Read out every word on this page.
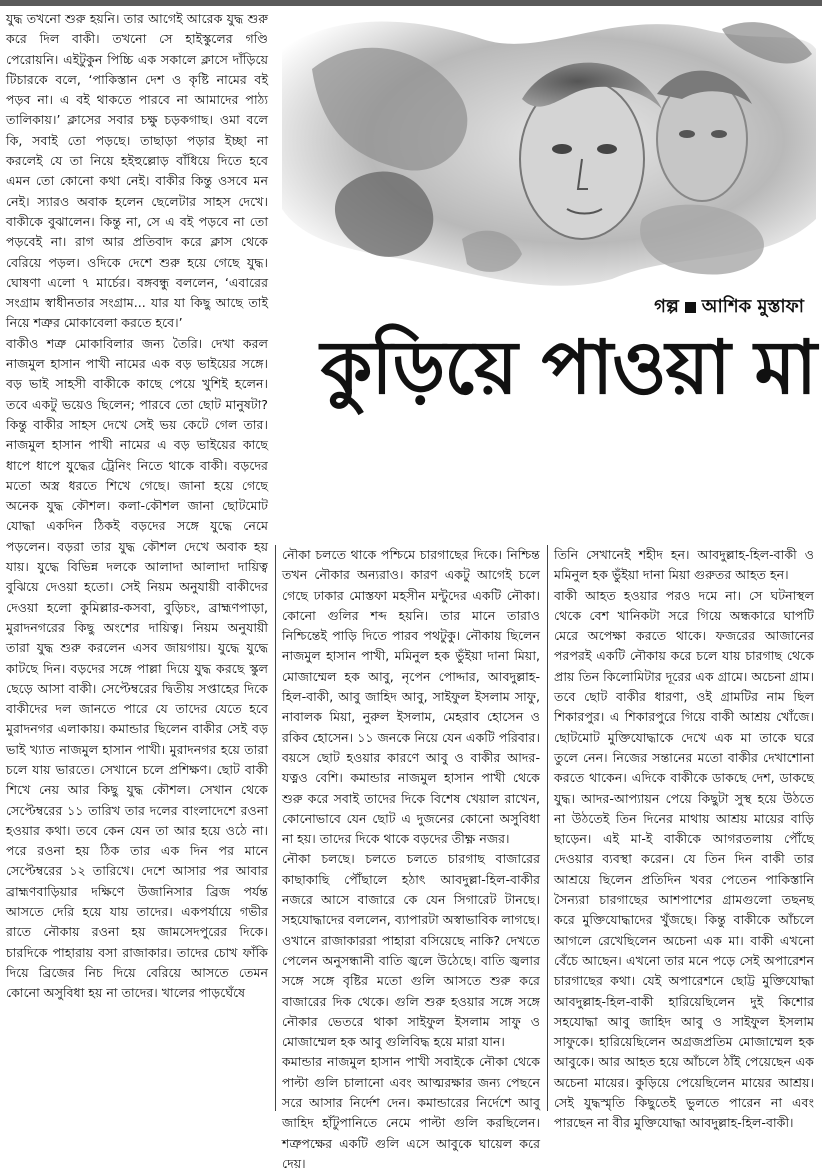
যুদ্ধ তখনো শুরু হয়নি। তার আগেই আরেক যুদ্ধ শুরু করে দিল বাকী। তখনো সে হাইস্কুলের গণ্ডি পেরোয়নি। এইটুকুন পিচ্চি এক সকালে ক্লাসে দাঁড়িয়ে টিচারকে বলে, ‘পাকিস্তান দেশ ও কৃষ্টি নামের বই পড়ব না। এ বই থাকতে পারবে না আমাদের পাঠ্য তালিকায়।’ ক্লাসের সবার চক্ষু চড়কগাছ। ওমা বলে কি, সবাই তো পড়ছে। তাছাড়া পড়ার ইচ্ছা না করলেই যে তা নিয়ে হইহুল্লোড় বাঁধিয়ে দিতে হবে এমন তো কোনো কথা নেই। বাকীর কিন্তু ওসবে মন নেই। স্যারও অবাক হলেন ছেলেটার সাহস দেখে। বাকীকে বুঝালেন। কিন্তু না, সে এ বই পড়বে না তো পড়বেই না। রাগ আর প্রতিবাদ করে ক্লাস থেকে বেরিয়ে পড়ল। ওদিকে দেশে শুরু হয়ে গেছে যুদ্ধ। ঘোষণা এলো ৭ মার্চের। বঙ্গবন্ধু বললেন, ‘এবারের সংগ্রাম স্বাধীনতার সংগ্রাম... যার যা কিছু আছে তাই নিয়ে শত্রুর মোকাবেলা করতে হবে।’

বাকীও শত্রু মোকাবিলার জন্য তৈরি। দেখা করল নাজমুল হাসান পাখী নামের এক বড় ভাইয়ের সঙ্গে। বড় ভাই সাহসী বাকীকে কাছে পেয়ে খুশিই হলেন। তবে একটু ভয়েও ছিলেন; পারবে তো ছোট মানুষটা? কিন্তু বাকীর সাহস দেখে সেই ভয় কেটে গেল তার। নাজমুল হাসান পাখী নামের এ বড় ভাইয়ের কাছে ধাপে ধাপে যুদ্ধের ট্রেনিং নিতে থাকে বাকী। বড়দের মতো অস্ত্র ধরতে শিখে গেছে। জানা হয়ে গেছে অনেক যুদ্ধ কৌশল। কলা-কৌশল জানা ছোটমোট যোদ্ধা একদিন ঠিকই বড়দের সঙ্গে যুদ্ধে নেমে পড়লেন। বড়রা তার যুদ্ধ কৌশল দেখে অবাক হয় যায়। যুদ্ধে বিভিন্ন দলকে আলাদা আলাদা দায়িত্ব বুঝিয়ে দেওয়া হতো। সেই নিয়ম অনুযায়ী বাকীদের দেওয়া হলো কুমিল্লার-কসবা, বুড়িচং, ব্রাহ্মণপাড়া, মুরাদনগরের কিছু অংশের দায়িত্ব। নিয়ম অনুযায়ী তারা যুদ্ধ শুরু করলেন এসব জায়গায়। যুদ্ধে যুদ্ধে কাটছে দিন। বড়দের সঙ্গে পাল্লা দিয়ে যুদ্ধ করছে স্কুল ছেড়ে আসা বাকী। সেপ্টেম্বরের দ্বিতীয় সপ্তাহের দিকে বাকীদের দল জানতে পারে যে তাদের যেতে হবে মুরাদনগর এলাকায়। কমান্ডার ছিলেন বাকীর সেই বড় ভাই খ্যাত নাজমুল হাসান পাখী। মুরাদনগর হয়ে তারা চলে যায় ভারতে। সেখানে চলে প্রশিক্ষণ। ছোট বাকী শিখে নেয় আর কিছু যুদ্ধ কৌশল। সেখান থেকে সেপ্টেম্বরের ১১ তারিখ তার দলের বাংলাদেশে রওনা হওয়ার কথা। তবে কেন যেন তা আর হয়ে ওঠে না। পরে রওনা হয় ঠিক তার এক দিন পর মানে সেপ্টেম্বরের ১২ তারিখে। দেশে আসার পর আবার ব্রাহ্মণবাড়িয়ার দক্ষিণে উজানিসার ব্রিজ পর্যন্ত আসতে দেরি হয়ে যায় তাদের। একপর্যায়ে গভীর রাতে নৌকায় রওনা হয় জামসেদপুরের দিকে। চারদিকে পাহারায় বসা রাজাকার। তাদের চোখ ফাঁকি দিয়ে ব্রিজের নিচ দিয়ে বেরিয়ে আসতে তেমন কোনো অসুবিধা হয় না তাদের। খালের পাড়ঘেঁষে

গল্প আশিক মুস্তাফা
কুড়িয়ে পাওয়া মা

নৌকা চলতে থাকে পশ্চিমে চারগাছের দিকে। নিশ্চিন্ত তখন নৌকার অন্যরাও। কারণ একটু আগেই চলে গেছে ঢাকার মোস্তফা মহসীন মন্টুদের একটি নৌকা। কোনো গুলির শব্দ হয়নি। তার মানে তারাও নিশ্চিন্তেই পাড়ি দিতে পারব পথটুকু। নৌকায় ছিলেন নাজমুল হাসান পাখী, মমিনুল হক ভুঁইয়া দানা মিয়া, মোজাম্মেল হক আবু, নৃপেন পোদ্দার, আবদুল্লাহ-হিল-বাকী, আবু জাহিদ আবু, সাইফুল ইসলাম সাফু, নাবালক মিয়া, নুরুল ইসলাম, মেহরাব হোসেন ও রকিব হোসেন। ১১ জনকে নিয়ে যেন একটি পরিবার। বয়সে ছোট হওয়ার কারণে আবু ও বাকীর আদর-যত্নও বেশি। কমান্ডার নাজমুল হাসান পাখী থেকে শুরু করে সবাই তাদের দিকে বিশেষ খেয়াল রাখেন, কোনোভাবে যেন ছোট এ দুজনের কোনো অসুবিধা না হয়। তাদের দিকে থাকে বড়দের তীক্ষ্ণ নজর।

নৌকা চলছে। চলতে চলতে চারগাছ বাজারের কাছাকাছি পৌঁছালে হঠাৎ আবদুল্লা-হিল-বাকীর নজরে আসে বাজারে কে যেন সিগারেট টানছে। সহযোদ্ধাদের বললেন, ব্যাপারটা অস্বাভাবিক লাগছে। ওখানে রাজাকাররা পাহারা বসিয়েছে নাকি? দেখতে পেলেন অনুসন্ধানী বাতি জ্বলে উঠেছে। বাতি জ্বলার সঙ্গে সঙ্গে বৃষ্টির মতো গুলি আসতে শুরু করে বাজারের দিক থেকে। গুলি শুরু হওয়ার সঙ্গে সঙ্গে নৌকার ভেতরে থাকা সাইফুল ইসলাম সাফু ও মোজাম্মেল হক আবু গুলিবিদ্ধ হয়ে মারা যান।

কমান্ডার নাজমুল হাসান পাখী সবাইকে নৌকা থেকে পাল্টা গুলি চালানো এবং আত্মরক্ষার জন্য পেছনে সরে আসার নির্দেশ দেন। কমান্ডারের নির্দেশে আবু জাহিদ হাঁটুপানিতে নেমে পাল্টা গুলি করছিলেন। শত্রুপক্ষের একটি গুলি এসে আবুকে ঘায়েল করে দেয়।

তিনি সেখানেই শহীদ হন। আবদুল্লাহ-হিল-বাকী ও মমিনুল হক ভুঁইয়া দানা মিয়া গুরুতর আহত হন।

বাকী আহত হওয়ার পরও দমে না। সে ঘটনাস্থল থেকে বেশ খানিকটা সরে গিয়ে অন্ধকারে ঘাপটি মেরে অপেক্ষা করতে থাকে। ফজরের আজানের পরপরই একটি নৌকায় করে চলে যায় চারগাছ থেকে প্রায় তিন কিলোমিটার দূরের এক গ্রামে। অচেনা গ্রাম। তবে ছোট বাকীর ধারণা, ওই গ্রামটির নাম ছিল শিকারপুর। এ শিকারপুরে গিয়ে বাকী আশ্রয় খোঁজে। ছোটমোট মুক্তিযোদ্ধাকে দেখে এক মা তাকে ঘরে তুলে নেন। নিজের সন্তানের মতো বাকীর দেখাশোনা করতে থাকেন। এদিকে বাকীকে ডাকছে দেশ, ডাকছে যুদ্ধ। আদর-আপ্যায়ন পেয়ে কিছুটা সুস্থ হয়ে উঠতে না উঠতেই তিন দিনের মাথায় আশ্রয় মায়ের বাড়ি ছাড়েন। এই মা-ই বাকীকে আগরতলায় পৌঁছে দেওয়ার ব্যবস্থা করেন। যে তিন দিন বাকী তার আশ্রয়ে ছিলেন প্রতিদিন খবর পেতেন পাকিস্তানি সৈন্যরা চারগাছের আশপাশের গ্রামগুলো তছনছ করে মুক্তিযোদ্ধাদের খুঁজছে। কিন্তু বাকীকে আঁচলে আগলে রেখেছিলেন অচেনা এক মা। বাকী এখনো বেঁচে আছেন। এখনো তার মনে পড়ে সেই অপারেশন চারগাছের কথা। যেই অপারেশনে ছোট্ট মুক্তিযোদ্ধা আবদুল্লাহ-হিল-বাকী হারিয়েছিলেন দুই কিশোর সহযোদ্ধা আবু জাহিদ আবু ও সাইফুল ইসলাম সাফুকে। হারিয়েছিলেন অগ্রজপ্রতিম মোজাম্মেল হক আবুকে। আর আহত হয়ে আঁচলে ঠাঁই পেয়েছেন এক অচেনা মায়ের। কুড়িয়ে পেয়েছিলেন মায়ের আশ্রয়। সেই যুদ্ধস্মৃতি কিছুতেই ভুলতে পারেন না এবং পারছেন না বীর মুক্তিযোদ্ধা আবদুল্লাহ-হিল-বাকী।
